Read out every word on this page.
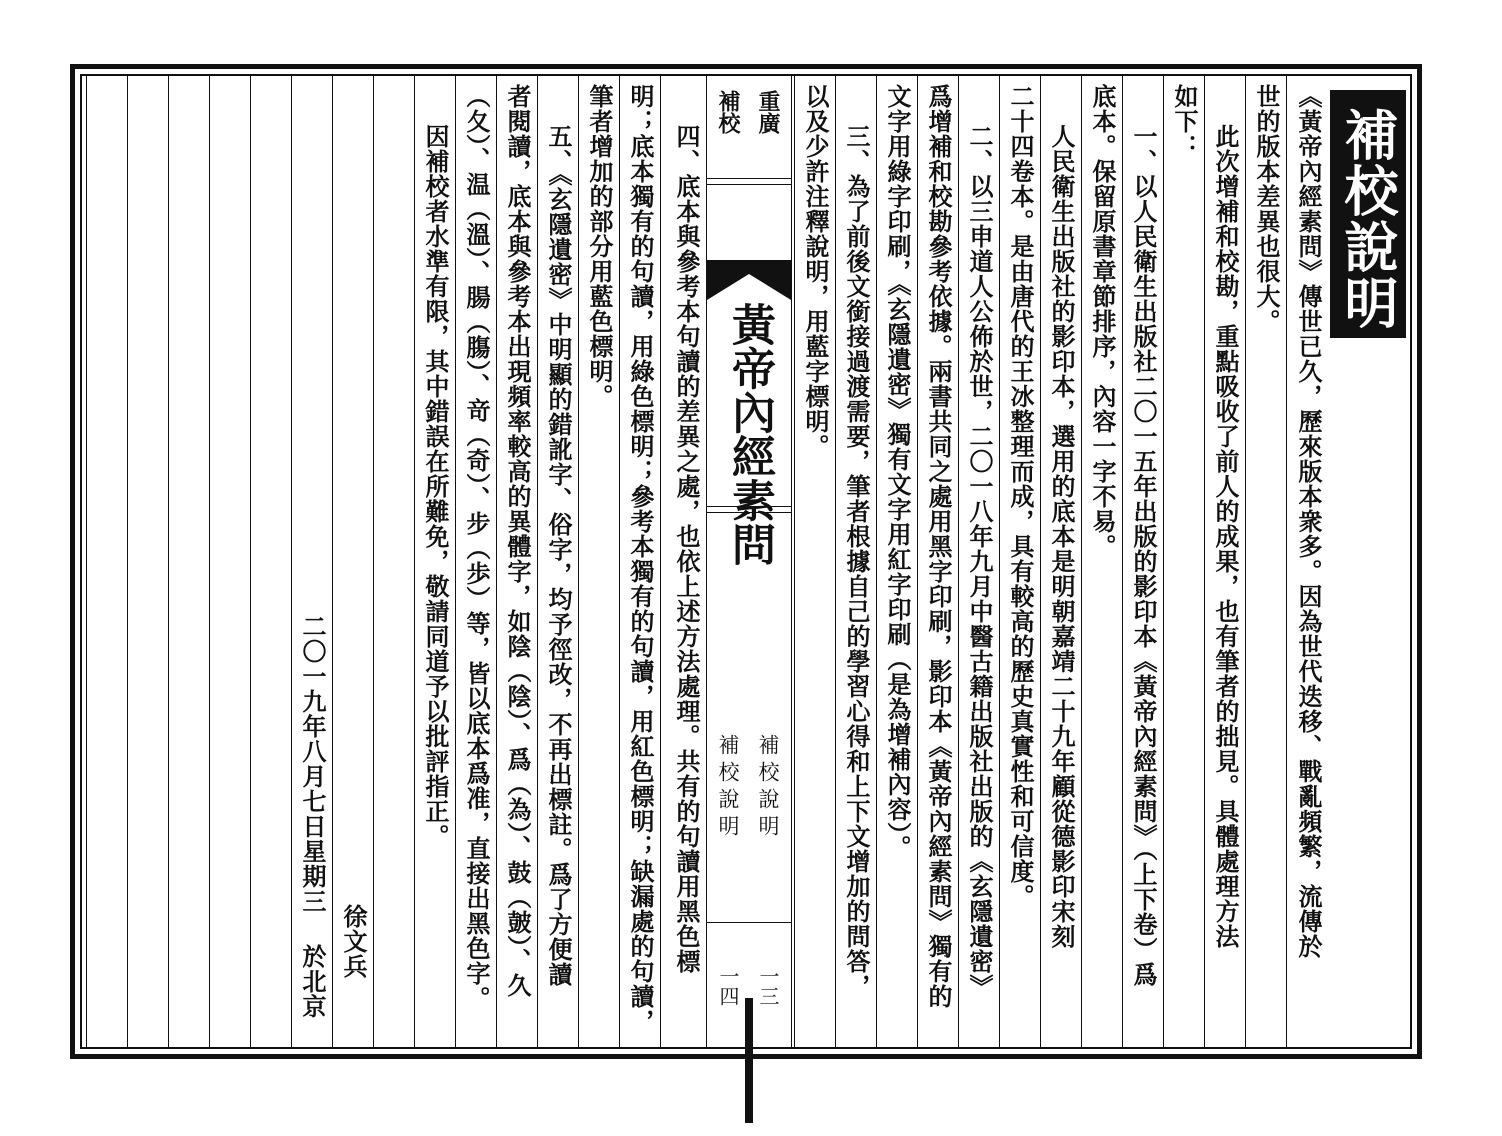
《黃帝內經素問》傳世已久，歷來版本衆多。因為世代迭移、戰亂頻繁，流傳於
世的版本差異也很大。
此次增補和校勘，重點吸收了前人的成果，也有筆者的拙見。具體處理方法
如下：
一、以人民衛生出版社二〇一五年出版的影印本《黃帝內經素問》（上下卷）爲
底本。保留原書章節排序，內容一字不易。
人民衛生出版社的影印本，選用的底本是明朝嘉靖二十九年顧從德影印宋刻
二十四卷本。是由唐代的王冰整理而成，具有較高的歷史真實性和可信度。
二、以三申道人公佈於世，二〇一八年九月中醫古籍出版社出版的《玄隱遺密》
爲增補和校勘參考依據。兩書共同之處用黑字印刷，影印本《黃帝內經素問》獨有的
文字用綠字印刷，《玄隱遺密》獨有文字用紅字印刷（是為增補內容）。
三、為了前後文銜接過渡需要，筆者根據自己的學習心得和上下文增加的問答，
以及少許注釋說明，用藍字標明。	補校說明
重廣
補校
黃帝內經素問
補校說明
補校說明
一三
一四
四、底本與參考本句讀的差異之處，也依上述方法處理。共有的句讀用黑色標
明；底本獨有的句讀，用綠色標明；參考本獨有的句讀，用紅色標明；缺漏處的句讀，
筆者增加的部分用藍色標明。
五、《玄隱遺密》中明顯的錯訛字、俗字，均予徑改，不再出標註。爲了方便讀
者閱讀，底本與參考本出現頻率較高的異體字，如陰（陰）、爲（為）、鼓（皷）、久
（夂）、温（溫）、腸（膓）、竒（奇）、步（歩）等，皆以底本爲准，直接出黑色字。
因補校者水準有限，其中錯誤在所難免，敬請同道予以批評指正。
徐文兵
二〇一九年八月七日星期三 於北京
